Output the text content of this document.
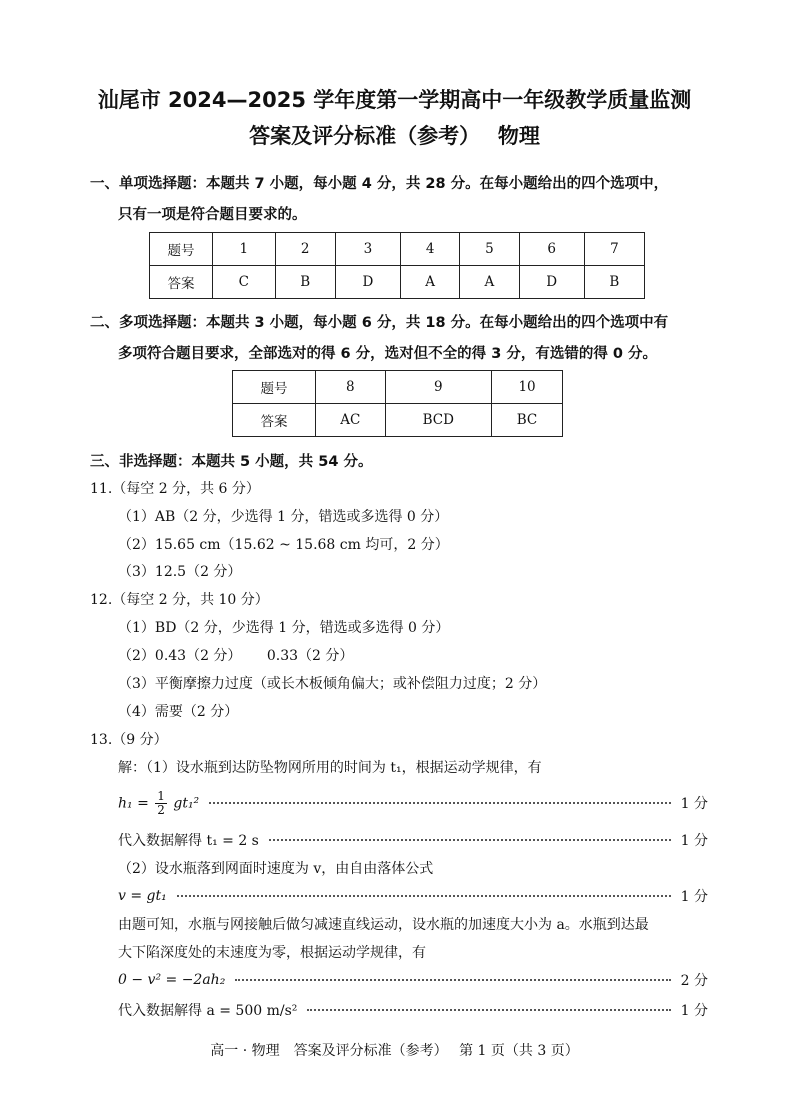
汕尾市 2024—2025 学年度第一学期高中一年级教学质量监测
答案及评分标准（参考）　 物理
一、单项选择题：本题共 7 小题，每小题 4 分，共 28 分。在每小题给出的四个选项中，
只有一项是符合题目要求的。
题号	1	2	3	4	5	6	7
答案	C	B	D	A	A	D	B
二、多项选择题：本题共 3 小题，每小题 6 分，共 18 分。在每小题给出的四个选项中有
多项符合题目要求，全部选对的得 6 分，选对但不全的得 3 分，有选错的得 0 分。
题号	8	9	10
答案	AC	BCD	BC
三、非选择题：本题共 5 小题，共 54 分。
11.（每空 2 分，共 6 分）
（1）AB（2 分，少选得 1 分，错选或多选得 0 分）
（2）15.65 cm（15.62 ~ 15.68 cm 均可，2 分）
（3）12.5（2 分）
12.（每空 2 分，共 10 分）
（1）BD（2 分，少选得 1 分，错选或多选得 0 分）
（2）0.43（2 分）　　 0.33（2 分）
（3）平衡摩擦力过度（或长木板倾角偏大；或补偿阻力过度；2 分）
（4）需要（2 分）
13.（9 分）
解：（1）设水瓶到达防坠物网所用的时间为 t₁，根据运动学规律，有
$h_1 = \frac{1}{2} gt_1^2$	1 分
代入数据解得 t₁ = 2 s	1 分
（2）设水瓶落到网面时速度为 v，由自由落体公式
v = gt₁	1 分
由题可知，水瓶与网接触后做匀减速直线运动，设水瓶的加速度大小为 a。水瓶到达最
大下陷深度处的末速度为零，根据运动学规律，有
0 − v² = −2ah₂	2 分
代入数据解得 a = 500 m/s²	1 分
高一 · 物理　答案及评分标准（参考）　 第 1 页（共 3 页）
